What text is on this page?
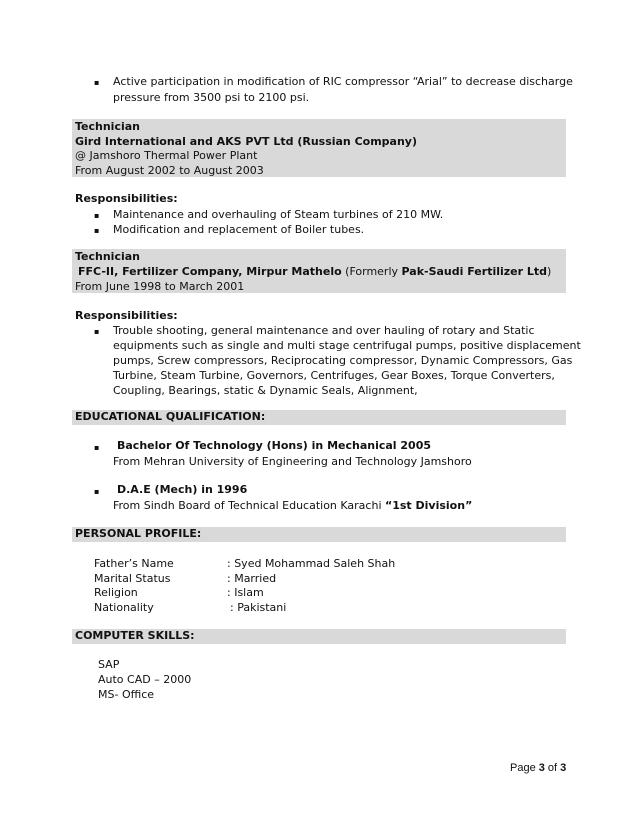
▪ Active participation in modification of RIC compressor “Arial” to decrease discharge
pressure from 3500 psi to 2100 psi.
Technician
Gird International and AKS PVT Ltd (Russian Company)
@ Jamshoro Thermal Power Plant
From August 2002 to August 2003
Responsibilities:
▪ Maintenance and overhauling of Steam turbines of 210 MW.
▪ Modification and replacement of Boiler tubes.
Technician
FFC-II, Fertilizer Company, Mirpur Mathelo (Formerly Pak-Saudi Fertilizer Ltd)
From June 1998 to March 2001
Responsibilities:
▪ Trouble shooting, general maintenance and over hauling of rotary and Static
equipments such as single and multi stage centrifugal pumps, positive displacement
pumps, Screw compressors, Reciprocating compressor, Dynamic Compressors, Gas
Turbine, Steam Turbine, Governors, Centrifuges, Gear Boxes, Torque Converters,
Coupling, Bearings, static & Dynamic Seals, Alignment,
EDUCATIONAL QUALIFICATION:
▪ Bachelor Of Technology (Hons) in Mechanical 2005
From Mehran University of Engineering and Technology Jamshoro
▪ D.A.E (Mech) in 1996
From Sindh Board of Technical Education Karachi “1st Division”
PERSONAL PROFILE:
Father’s Name	: Syed Mohammad Saleh Shah
Marital Status	: Married
Religion	: Islam
Nationality	: Pakistani
COMPUTER SKILLS:
SAP
Auto CAD – 2000
MS- Office
Page 3 of 3
